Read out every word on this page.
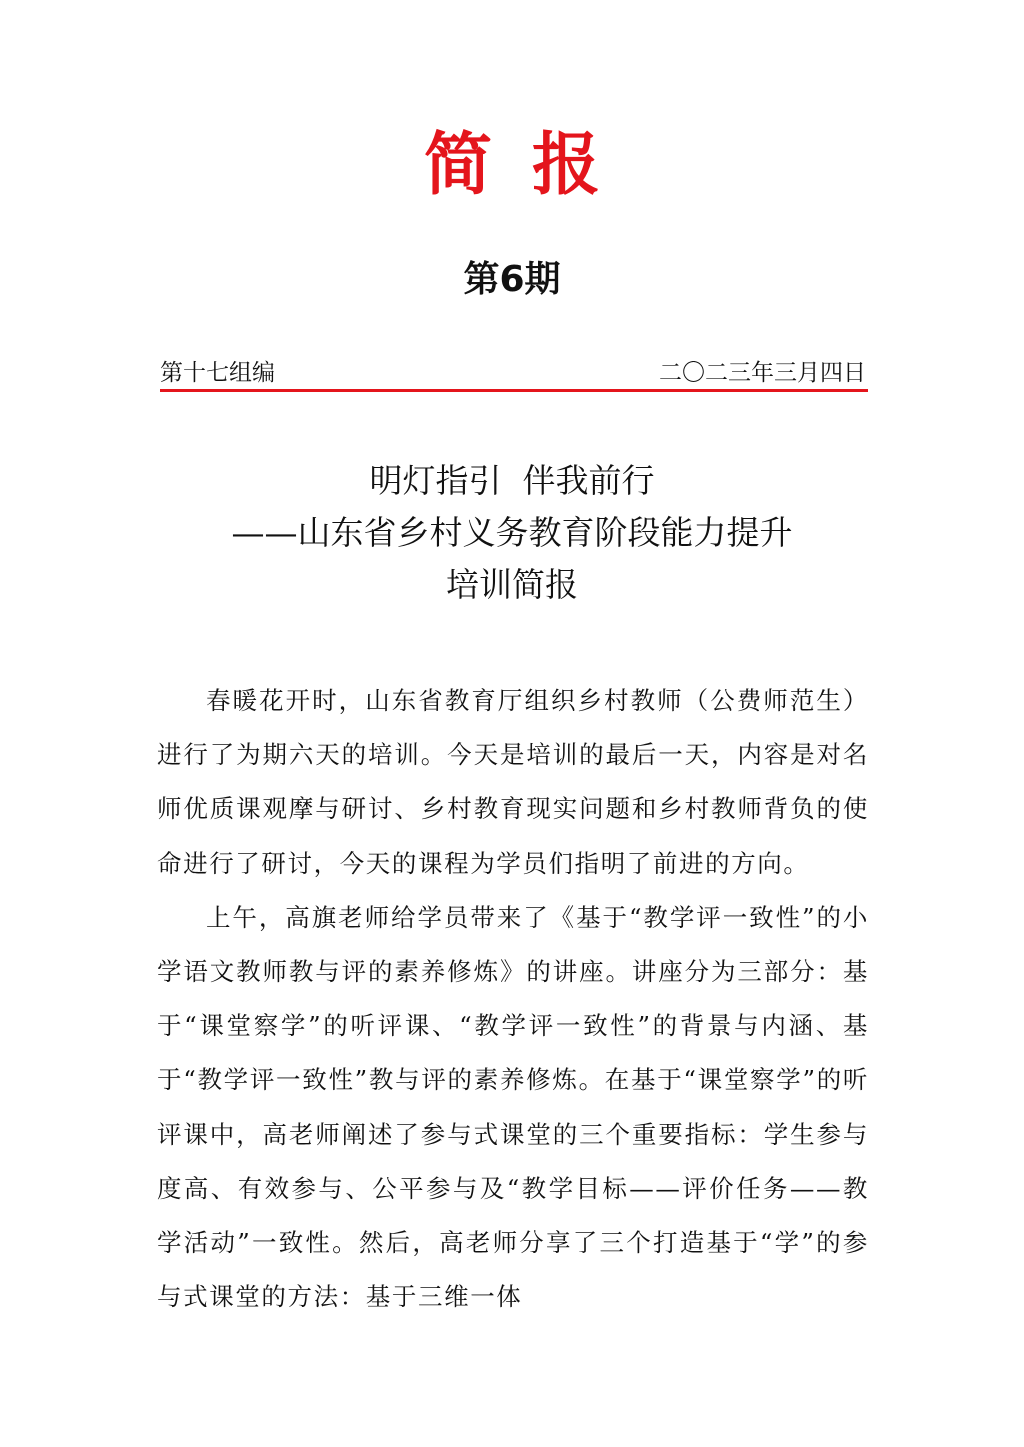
简报
第6期
第十七组编	二〇二三年三月四日
明灯指引  伴我前行
——山东省乡村义务教育阶段能力提升
培训简报

春暖花开时，山东省教育厅组织乡村教师（公费师范生）进行了为期六天的培训。今天是培训的最后一天，内容是对名师优质课观摩与研讨、乡村教育现实问题和乡村教师背负的使命进行了研讨，今天的课程为学员们指明了前进的方向。

上午，高旗老师给学员带来了《基于“教学评一致性”的小学语文教师教与评的素养修炼》的讲座。讲座分为三部分：基于“课堂察学”的听评课、“教学评一致性”的背景与内涵、基于“教学评一致性”教与评的素养修炼。在基于“课堂察学”的听评课中，高老师阐述了参与式课堂的三个重要指标：学生参与度高、有效参与、公平参与及“教学目标——评价任务——教学活动”一致性。然后，高老师分享了三个打造基于“学”的参与式课堂的方法：基于三维一体
